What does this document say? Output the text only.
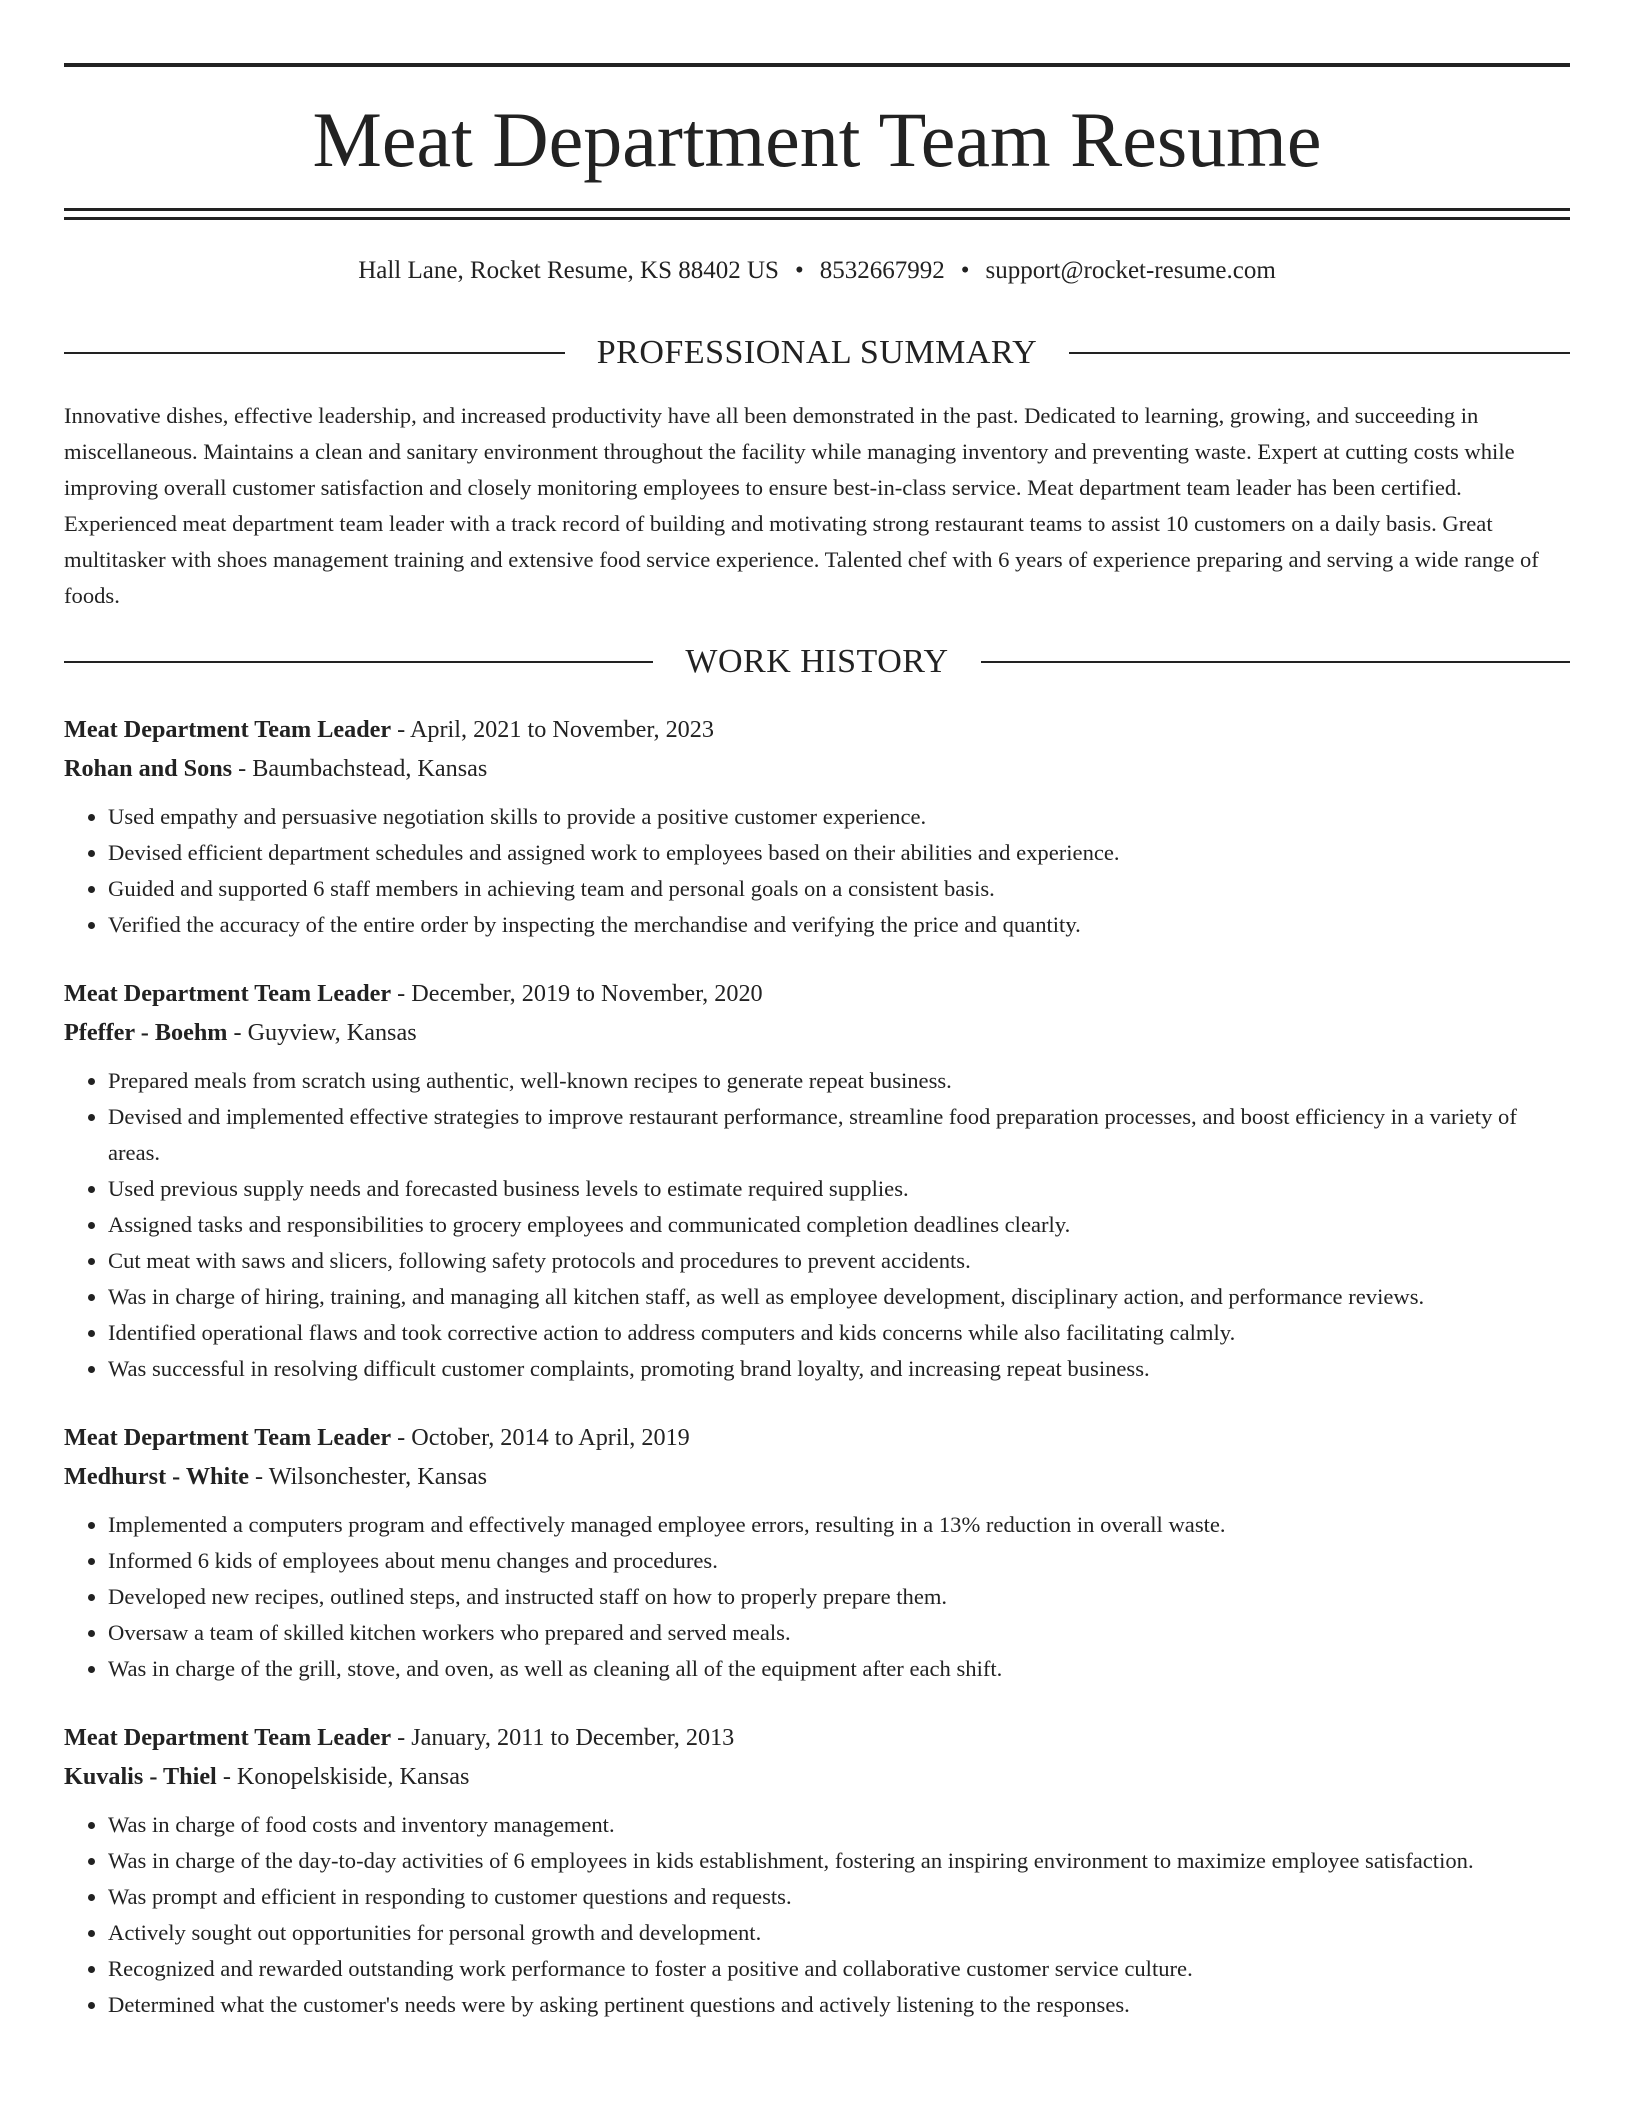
Meat Department Team Resume
Hall Lane, Rocket Resume, KS 88402 US • 8532667992 • support@rocket-resume.com
PROFESSIONAL SUMMARY

Innovative dishes, effective leadership, and increased productivity have all been demonstrated in the past. Dedicated to learning, growing, and succeeding in miscellaneous. Maintains a clean and sanitary environment throughout the facility while managing inventory and preventing waste. Expert at cutting costs while improving overall customer satisfaction and closely monitoring employees to ensure best-in-class service. Meat department team leader has been certified. Experienced meat department team leader with a track record of building and motivating strong restaurant teams to assist 10 customers on a daily basis. Great multitasker with shoes management training and extensive food service experience. Talented chef with 6 years of experience preparing and serving a wide range of foods.

WORK HISTORY
Meat Department Team Leader - April, 2021 to November, 2023
Rohan and Sons - Baumbachstead, Kansas
• Used empathy and persuasive negotiation skills to provide a positive customer experience.
• Devised efficient department schedules and assigned work to employees based on their abilities and experience.
• Guided and supported 6 staff members in achieving team and personal goals on a consistent basis.
• Verified the accuracy of the entire order by inspecting the merchandise and verifying the price and quantity.
Meat Department Team Leader - December, 2019 to November, 2020
Pfeffer - Boehm - Guyview, Kansas
• Prepared meals from scratch using authentic, well-known recipes to generate repeat business.
• Devised and implemented effective strategies to improve restaurant performance, streamline food preparation processes, and boost efficiency in a variety of areas.
• Used previous supply needs and forecasted business levels to estimate required supplies.
• Assigned tasks and responsibilities to grocery employees and communicated completion deadlines clearly.
• Cut meat with saws and slicers, following safety protocols and procedures to prevent accidents.
• Was in charge of hiring, training, and managing all kitchen staff, as well as employee development, disciplinary action, and performance reviews.
• Identified operational flaws and took corrective action to address computers and kids concerns while also facilitating calmly.
• Was successful in resolving difficult customer complaints, promoting brand loyalty, and increasing repeat business.
Meat Department Team Leader - October, 2014 to April, 2019
Medhurst - White - Wilsonchester, Kansas
• Implemented a computers program and effectively managed employee errors, resulting in a 13% reduction in overall waste.
• Informed 6 kids of employees about menu changes and procedures.
• Developed new recipes, outlined steps, and instructed staff on how to properly prepare them.
• Oversaw a team of skilled kitchen workers who prepared and served meals.
• Was in charge of the grill, stove, and oven, as well as cleaning all of the equipment after each shift.
Meat Department Team Leader - January, 2011 to December, 2013
Kuvalis - Thiel - Konopelskiside, Kansas
• Was in charge of food costs and inventory management.
• Was in charge of the day-to-day activities of 6 employees in kids establishment, fostering an inspiring environment to maximize employee satisfaction.
• Was prompt and efficient in responding to customer questions and requests.
• Actively sought out opportunities for personal growth and development.
• Recognized and rewarded outstanding work performance to foster a positive and collaborative customer service culture.
• Determined what the customer's needs were by asking pertinent questions and actively listening to the responses.
